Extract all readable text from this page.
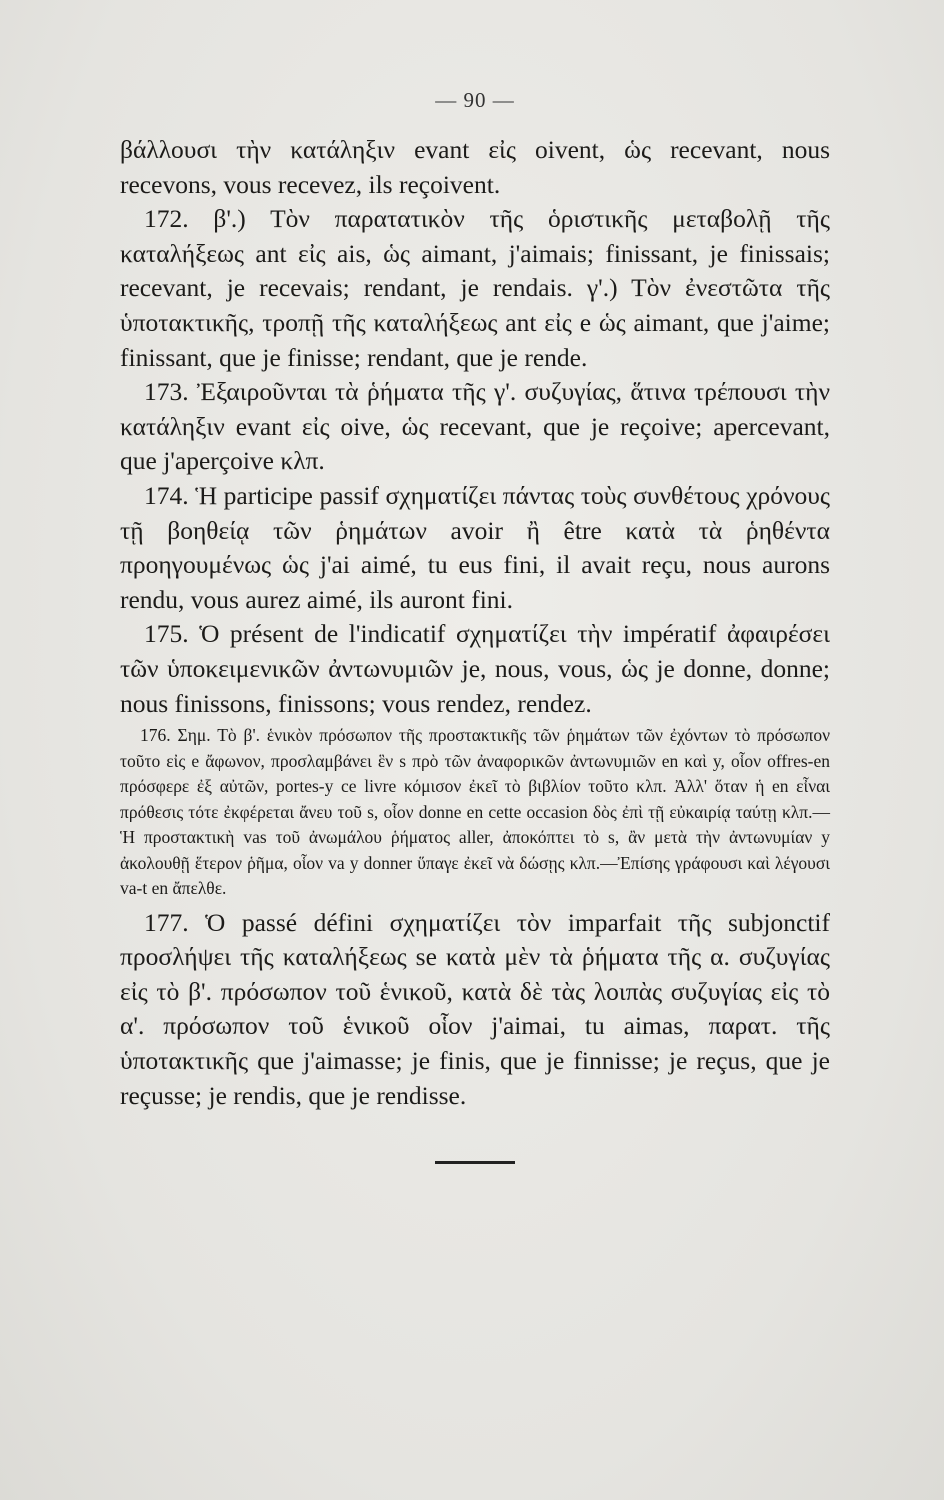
— 90 —

βάλλουσι τὴν κατάληξιν evant εἰς oivent, ὡς recevant, nous recevons, vous recevez, ils reçoivent.

172. β'.) Τὸν παρατατικὸν τῆς ὁριστικῆς μεταβολῇ τῆς καταλήξεως ant εἰς ais, ὡς aimant, j'aimais; finissant, je finissais; recevant, je recevais; rendant, je rendais. γ'.) Τὸν ἐνεστῶτα τῆς ὑποτακτικῆς, τροπῇ τῆς καταλήξεως ant εἰς e ὡς aimant, que j'aime; finissant, que je finisse; rendant, que je rende.

173. Ἐξαιροῦνται τὰ ῥήματα τῆς γ'. συζυγίας, ἅτινα τρέπουσι τὴν κατάληξιν evant εἰς oive, ὡς recevant, que je reçoive; apercevant, que j'aperçoive κλπ.

174. Ἡ participe passif σχηματίζει πάντας τοὺς συνθέτους χρόνους τῇ βοηθείᾳ τῶν ῥημάτων avoir ἢ être κατὰ τὰ ῥηθέντα προηγουμένως ὡς j'ai aimé, tu eus fini, il avait reçu, nous aurons rendu, vous aurez aimé, ils auront fini.

175. Ὁ présent de l'indicatif σχηματίζει τὴν impératif ἀφαιρέσει τῶν ὑποκειμενικῶν ἀντωνυμιῶν je, nous, vous, ὡς je donne, donne; nous finissons, finissons; vous rendez, rendez.

176. Σημ. Τὸ β'. ἑνικὸν πρόσωπον τῆς προστακτικῆς τῶν ῥημάτων τῶν ἐχόντων τὸ πρόσωπον τοῦτο εἰς e ἄφωνον, προσλαμβάνει ἓν s πρὸ τῶν ἀναφορικῶν ἀντωνυμιῶν en καὶ y, οἷον offres-en πρόσφερε ἐξ αὐτῶν, portes-y ce livre κόμισον ἐκεῖ τὸ βιβλίον τοῦτο κλπ. Ἀλλ' ὅταν ἡ en εἶναι πρόθεσις τότε ἐκφέρεται ἄνευ τοῦ s, οἷον donne en cette occasion δὸς ἐπὶ τῇ εὐκαιρίᾳ ταύτῃ κλπ.—Ἡ προστακτικὴ vas τοῦ ἀνωμάλου ῥήματος aller, ἀποκόπτει τὸ s, ἂν μετὰ τὴν ἀντωνυμίαν y ἀκολουθῇ ἕτερον ῥῆμα, οἷον va y donner ὕπαγε ἐκεῖ νὰ δώσῃς κλπ.—Ἐπίσης γράφουσι καὶ λέγουσι va-t en ἄπελθε.

177. Ὁ passé défini σχηματίζει τὸν imparfait τῆς subjonctif προσλήψει τῆς καταλήξεως se κατὰ μὲν τὰ ῥήματα τῆς α. συζυγίας εἰς τὸ β'. πρόσωπον τοῦ ἑνικοῦ, κατὰ δὲ τὰς λοιπὰς συζυγίας εἰς τὸ α'. πρόσωπον τοῦ ἑνικοῦ οἷον j'aimai, tu aimas, παρατ. τῆς ὑποτακτικῆς que j'aimasse; je finis, que je finnisse; je reçus, que je reçusse; je rendis, que je rendisse.
